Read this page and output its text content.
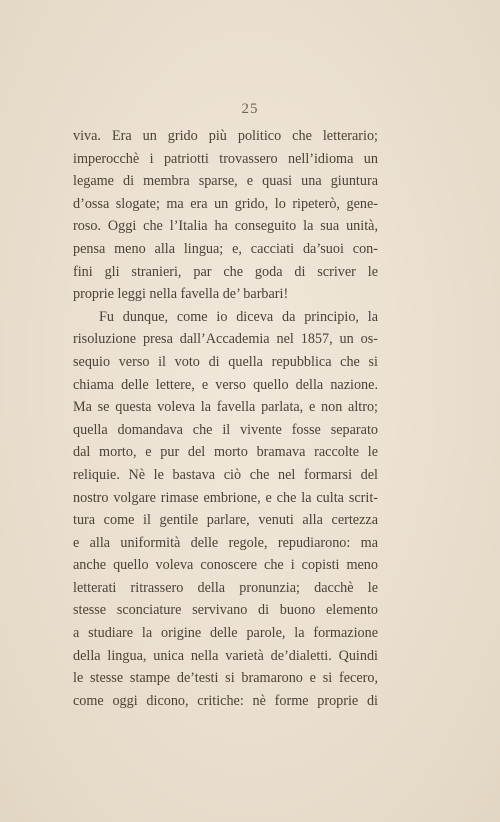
25
viva. Era un grido più politico che letterario;
imperocchè i patriotti trovassero nell’idioma un
legame di membra sparse, e quasi una giuntura
d’ossa slogate; ma era un grido, lo ripeterò, gene-
roso. Oggi che l’Italia ha conseguito la sua unità,
pensa meno alla lingua; e, cacciati da’suoi con-
fini gli stranieri, par che goda di scriver le
proprie leggi nella favella de’ barbari!
Fu dunque, come io diceva da principio, la
risoluzione presa dall’Accademia nel 1857, un os-
sequio verso il voto di quella repubblica che si
chiama delle lettere, e verso quello della nazione.
Ma se questa voleva la favella parlata, e non altro;
quella domandava che il vivente fosse separato
dal morto, e pur del morto bramava raccolte le
reliquie. Nè le bastava ciò che nel formarsi del
nostro volgare rimase embrione, e che la culta scrit-
tura come il gentile parlare, venuti alla certezza
e alla uniformità delle regole, repudiarono: ma
anche quello voleva conoscere che i copisti meno
letterati ritrassero della pronunzia; dacchè le
stesse sconciature servivano di buono elemento
a studiare la origine delle parole, la formazione
della lingua, unica nella varietà de’dialetti. Quindi
le stesse stampe de’testi si bramarono e si fecero,
come oggi dicono, critiche: nè forme proprie di
